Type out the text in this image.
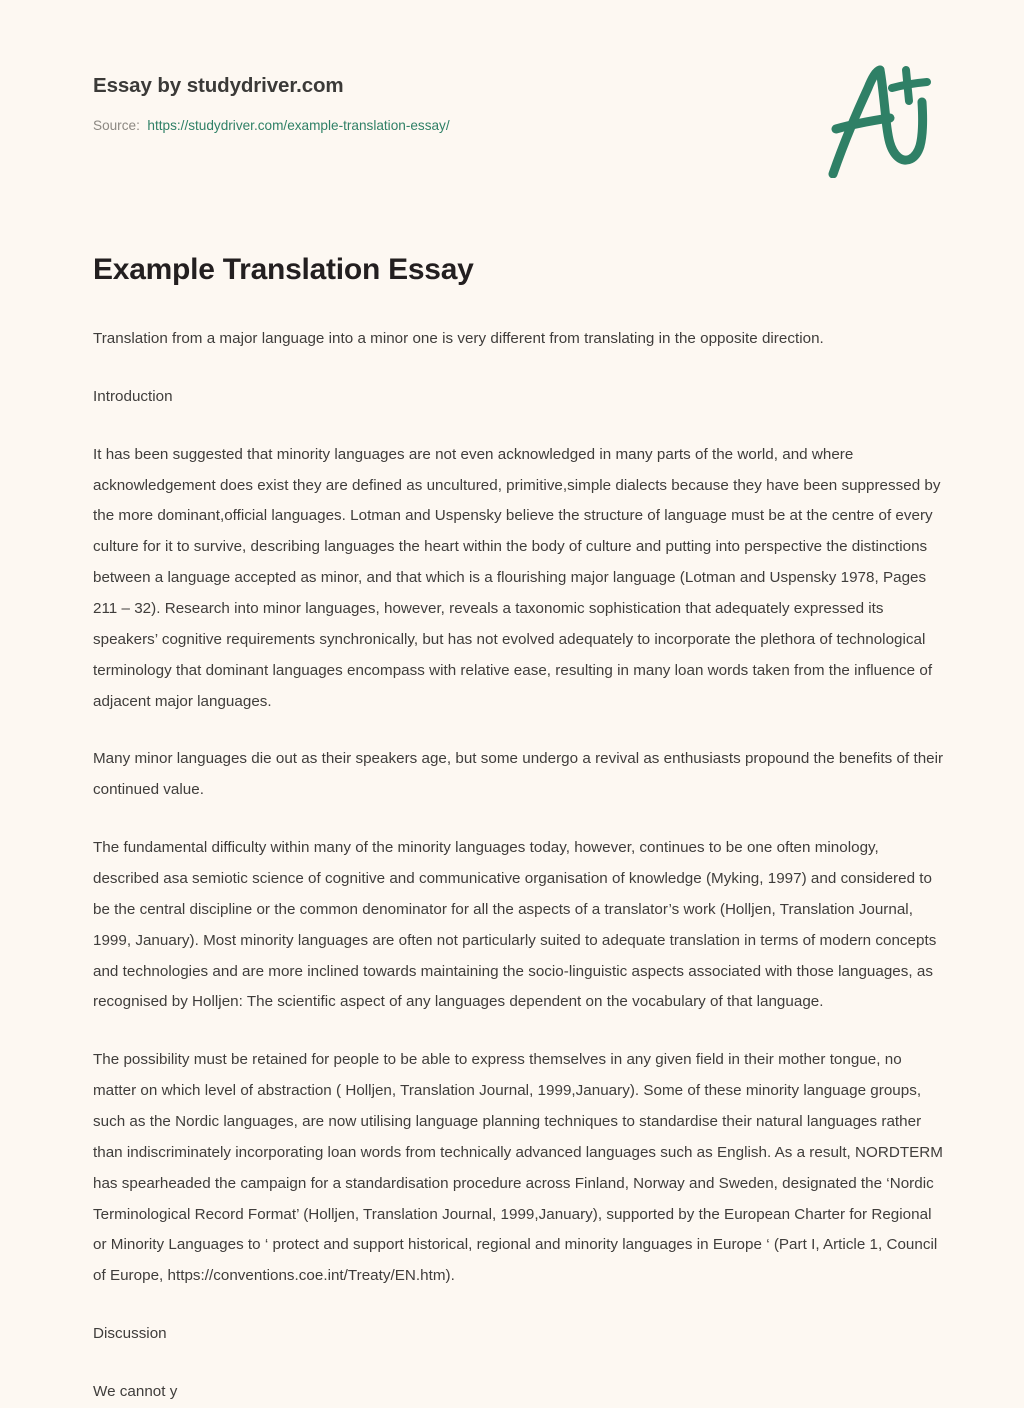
Essay by studydriver.com
Source: https://studydriver.com/example-translation-essay/
Example Translation Essay

Translation from a major language into a minor one is very different from translating in the opposite direction.

Introduction

It has been suggested that minority languages are not even acknowledged in many parts of the world, and where acknowledgement does exist they are defined as uncultured, primitive,simple dialects because they have been suppressed by the more dominant,official languages. Lotman and Uspensky believe the structure of language must be at the centre of every culture for it to survive, describing languages the heart within the body of culture and putting into perspective the distinctions between a language accepted as minor, and that which is a flourishing major language (Lotman and Uspensky 1978, Pages 211 – 32). Research into minor languages, however, reveals a taxonomic sophistication that adequately expressed its speakers’ cognitive requirements synchronically, but has not evolved adequately to incorporate the plethora of technological terminology that dominant languages encompass with relative ease, resulting in many loan words taken from the influence of adjacent major languages.

Many minor languages die out as their speakers age, but some undergo a revival as enthusiasts propound the benefits of their continued value.

The fundamental difficulty within many of the minority languages today, however, continues to be one often minology, described asa semiotic science of cognitive and communicative organisation of knowledge (Myking, 1997) and considered to be the central discipline or the common denominator for all the aspects of a translator’s work (Holljen, Translation Journal, 1999, January). Most minority languages are often not particularly suited to adequate translation in terms of modern concepts and technologies and are more inclined towards maintaining the socio-linguistic aspects associated with those languages, as recognised by Holljen: The scientific aspect of any languages dependent on the vocabulary of that language.

The possibility must be retained for people to be able to express themselves in any given field in their mother tongue, no matter on which level of abstraction ( Holljen, Translation Journal, 1999,January). Some of these minority language groups, such as the Nordic languages, are now utilising language planning techniques to standardise their natural languages rather than indiscriminately incorporating loan words from technically advanced languages such as English. As a result, NORDTERM has spearheaded the campaign for a standardisation procedure across Finland, Norway and Sweden, designated the ‘Nordic Terminological Record Format’ (Holljen, Translation Journal, 1999,January), supported by the European Charter for Regional or Minority Languages to ‘ protect and support historical, regional and minority languages in Europe ‘ (Part I, Article 1, Council of Europe, https://conventions.coe.int/Treaty/EN.htm).

Discussion

We cannot y
